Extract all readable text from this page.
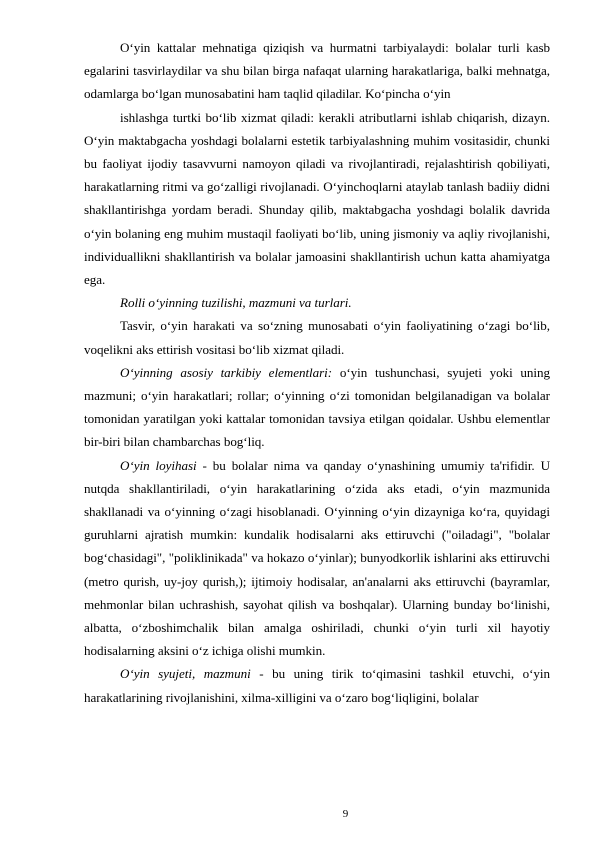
O‘yin kattalar mehnatiga qiziqish va hurmatni tarbiyalaydi: bolalar turli kasb egalarini tasvirlaydilar va shu bilan birga nafaqat ularning harakatlariga, balki mehnatga, odamlarga bo‘lgan munosabatini ham taqlid qiladilar. Ko‘pincha o‘yin

ishlashga turtki bo‘lib xizmat qiladi: kerakli atributlarni ishlab chiqarish, dizayn. O‘yin maktabgacha yoshdagi bolalarni estetik tarbiyalashning muhim vositasidir, chunki bu faoliyat ijodiy tasavvurni namoyon qiladi va rivojlantiradi, rejalashtirish qobiliyati, harakatlarning ritmi va go‘zalligi rivojlanadi. O‘yinchoqlarni ataylab tanlash badiiy didni shakllantirishga yordam beradi. Shunday qilib, maktabgacha yoshdagi bolalik davrida o‘yin bolaning eng muhim mustaqil faoliyati bo‘lib, uning jismoniy va aqliy rivojlanishi, individuallikni shakllantirish va bolalar jamoasini shakllantirish uchun katta ahamiyatga ega.

Rolli o‘yinning tuzilishi, mazmuni va turlari.

Tasvir, o‘yin harakati va so‘zning munosabati o‘yin faoliyatining o‘zagi bo‘lib, voqelikni aks ettirish vositasi bo‘lib xizmat qiladi.

O‘yinning asosiy tarkibiy elementlari: o‘yin tushunchasi, syujeti yoki uning mazmuni; o‘yin harakatlari; rollar; o‘yinning o‘zi tomonidan belgilanadigan va bolalar tomonidan yaratilgan yoki kattalar tomonidan tavsiya etilgan qoidalar. Ushbu elementlar bir-biri bilan chambarchas bog‘liq.

O‘yin loyihasi - bu bolalar nima va qanday o‘ynashining umumiy ta'rifidir. U nutqda shakllantiriladi, o‘yin harakatlarining o‘zida aks etadi, o‘yin mazmunida shakllanadi va o‘yinning o‘zagi hisoblanadi. O‘yinning o‘yin dizayniga ko‘ra, quyidagi guruhlarni ajratish mumkin: kundalik hodisalarni aks ettiruvchi ("oiladagi", "bolalar bog‘chasidagi", "poliklinikada" va hokazo o‘yinlar); bunyodkorlik ishlarini aks ettiruvchi (metro qurish, uy-joy qurish,); ijtimoiy hodisalar, an'analarni aks ettiruvchi (bayramlar, mehmonlar bilan uchrashish, sayohat qilish va boshqalar). Ularning bunday bo‘linishi, albatta, o‘zboshimchalik bilan amalga oshiriladi, chunki o‘yin turli xil hayotiy hodisalarning aksini o‘z ichiga olishi mumkin.

O‘yin syujeti, mazmuni - bu uning tirik to‘qimasini tashkil etuvchi, o‘yin harakatlarining rivojlanishini, xilma-xilligini va o‘zaro bog‘liqligini, bolalar

9
